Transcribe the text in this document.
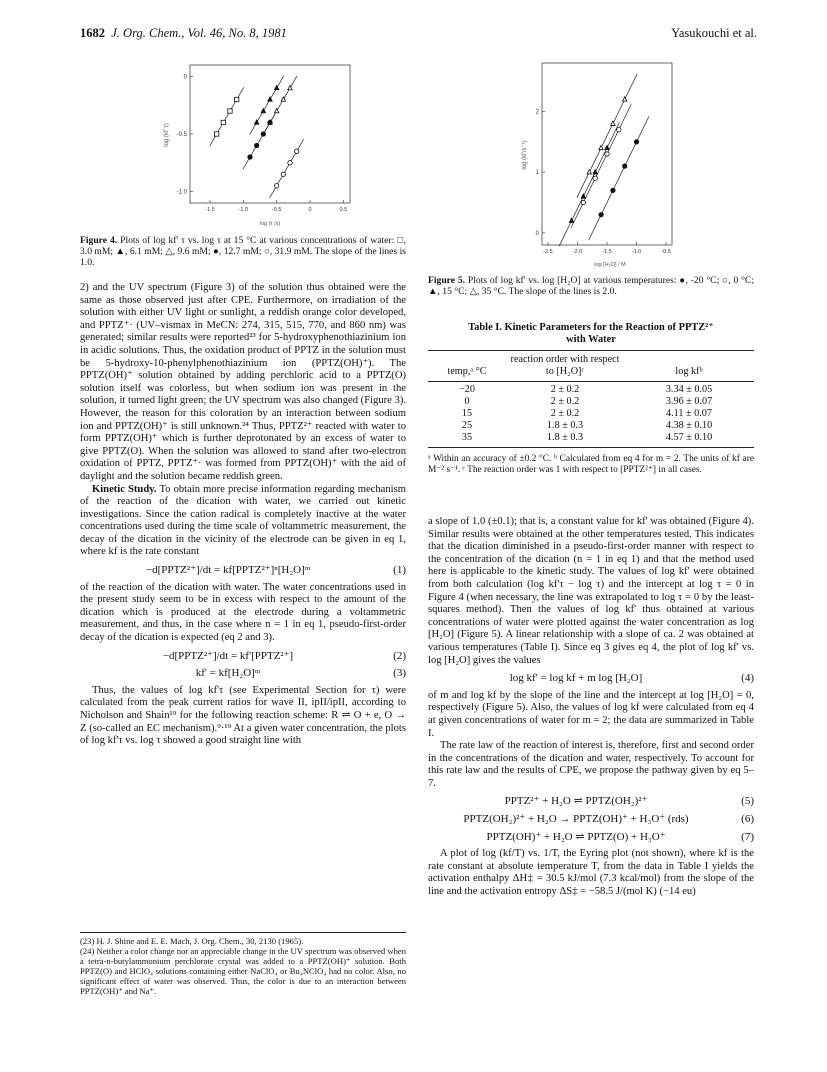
1682 J. Org. Chem., Vol. 46, No. 8, 1981	Yasukouchi et al.
0
-0.5
-1.0
-1.5	-1.0	-0.5	0	0.5
log (kf' τ)
log (τ /s)
Figure 4. Plots of log kf' τ vs. log τ at 15 °C at various concentrations of water: □, 3.0 mM; ▲, 6.1 mM; △, 9.6 mM; ●, 12.7 mM; ○, 31.9 mM. The slope of the lines is 1.0.
2
1
0
-2.5	-2.0	-1.5	-1.0	-0.5
log (kf'/s⁻¹)
log [H₂O] / M
Figure 5. Plots of log kf' vs. log [H₂O] at various temperatures: ●, -20 °C; ○, 0 °C; ▲, 15 °C; △, 35 °C. The slope of the lines is 2.0.

2) and the UV spectrum (Figure 3) of the solution thus obtained were the same as those observed just after CPE. Furthermore, on irradiation of the solution with either UV light or sunlight, a reddish orange color developed, and PPTZ⁺· (UV–vismax in MeCN: 274, 315, 515, 770, and 860 nm) was generated; similar results were reported²³ for 5-hydroxyphenothiazinium ion in acidic solutions. Thus, the oxidation product of PPTZ in the solution must be 5-hydroxy-10-phenylphenothiazinium ion (PPTZ(OH)⁺). The PPTZ(OH)⁺ solution obtained by adding perchloric acid to a PPTZ(O) solution itself was colorless, but when sodium ion was present in the solution, it turned light green; the UV spectrum was also changed (Figure 3). However, the reason for this coloration by an interaction between sodium ion and PPTZ(OH)⁺ is still unknown.²⁴ Thus, PPTZ²⁺ reacted with water to form PPTZ(OH)⁺ which is further deprotonated by an excess of water to give PPTZ(O). When the solution was allowed to stand after two-electron oxidation of PPTZ, PPTZ⁺· was formed from PPTZ(OH)⁺ with the aid of daylight and the solution became reddish green.

Kinetic Study. To obtain more precise information regarding mechanism of the reaction of the dication with water, we carried out kinetic investigations. Since the cation radical is completely inactive at the water concentrations used during the time scale of voltammetric measurement, the decay of the dication in the vicinity of the electrode can be given in eq 1, where kf is the rate constant

−d[PPTZ²⁺]/dt = kf[PPTZ²⁺]ⁿ[H₂O]ᵐ	(1)

of the reaction of the dication with water. The water concentrations used in the present study seem to be in excess with respect to the amount of the dication which is produced at the electrode during a voltammetric measurement, and thus, in the case where n = 1 in eq 1, pseudo-first-order decay of the dication is expected (eq 2 and 3).

−d[PPTZ²⁺]/dt = kf'[PPTZ²⁺]	(2)
kf' = kf[H₂O]ᵐ	(3)

Thus, the values of log kf'τ (see Experimental Section for τ) were calculated from the peak current ratios for wave II, ipII/ipII, according to Nicholson and Shain¹⁹ for the following reaction scheme: R ⇌ O + e, O → Z (so-called an EC mechanism).⁹·¹⁹ At a given water concentration, the plots of log kf'τ vs. log τ showed a good straight line with

(23) H. J. Shine and E. E. Mach, J. Org. Chem., 30, 2130 (1965).
(24) Neither a color change nor an appreciable change in the UV spectrum was observed when a tetra-n-butylammonium perchlorate crystal was added to a PPTZ(OH)⁺ solution. Both PPTZ(O) and HClO₄ solutions containing either NaClO₄ or Bu₄NClO₄ had no color. Also, no significant effect of water was observed. Thus, the color is due to an interaction between PPTZ(OH)⁺ and Na⁺.
Table I. Kinetic Parameters for the Reaction of PPTZ²⁺ with Water
temp,ᵃ °C	reaction order with respect to [H₂O]ᶜ	log kfᵇ

−20	2 ± 0.2	3.34 ± 0.05
0	2 ± 0.2	3.96 ± 0.07
15	2 ± 0.2	4.11 ± 0.07
25	1.8 ± 0.3	4.38 ± 0.10
35	1.8 ± 0.3	4.57 ± 0.10
ᵃ Within an accuracy of ±0.2 °C. ᵇ Calculated from eq 4 for m = 2. The units of kf are M⁻² s⁻¹. ᶜ The reaction order was 1 with respect to [PPTZ²⁺] in all cases.

a slope of 1.0 (±0.1); that is, a constant value for kf' was obtained (Figure 4). Similar results were obtained at the other temperatures tested. This indicates that the dication diminished in a pseudo-first-order manner with respect to the concentration of the dication (n = 1 in eq 1) and that the method used here is applicable to the kinetic study. The values of log kf' were obtained from both calculation (log kf'τ − log τ) and the intercept at log τ = 0 in Figure 4 (when necessary, the line was extrapolated to log τ = 0 by the least-squares method). Then the values of log kf' thus obtained at various concentrations of water were plotted against the water concentration as log [H₂O] (Figure 5). A linear relationship with a slope of ca. 2 was obtained at various temperatures (Table I). Since eq 3 gives eq 4, the plot of log kf' vs. log [H₂O] gives the values

log kf' = log kf + m log [H₂O]	(4)

of m and log kf by the slope of the line and the intercept at log [H₂O] = 0, respectively (Figure 5). Also, the values of log kf were calculated from eq 4 at given concentrations of water for m = 2; the data are summarized in Table I.

The rate law of the reaction of interest is, therefore, first and second order in the concentrations of the dication and water, respectively. To account for this rate law and the results of CPE, we propose the pathway given by eq 5–7.

PPTZ²⁺ + H₂O ⇌ PPTZ(OH₂)²⁺	(5)
PPTZ(OH₂)²⁺ + H₂O → PPTZ(OH)⁺ + H₃O⁺ (rds)	(6)
PPTZ(OH)⁺ + H₂O ⇌ PPTZ(O) + H₃O⁺	(7)

A plot of log (kf/T) vs. 1/T, the Eyring plot (not shown), where kf is the rate constant at absolute temperature T, from the data in Table I yields the activation enthalpy ΔH‡ = 30.5 kJ/mol (7.3 kcal/mol) from the slope of the line and the activation entropy ΔS‡ = −58.5 J/(mol K) (−14 eu)
